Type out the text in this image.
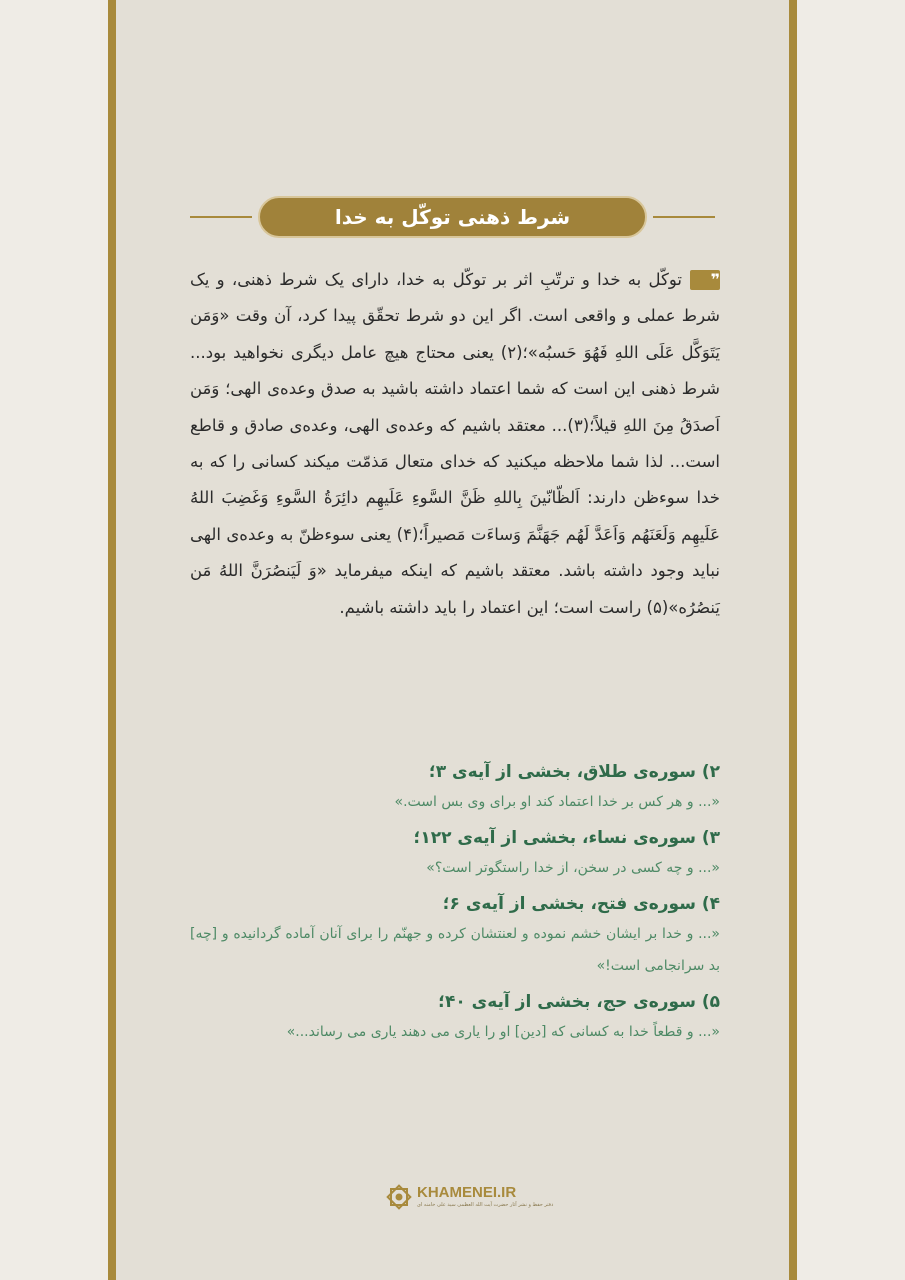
شرط ذهنی توکّل به خدا
❞توکّل به خدا و ترتّبِ اثر بر توکّل به خدا، دارای یک شرط ذهنی، و یک شرط عملی و واقعی است. اگر این دو شرط تحقّق پیدا کرد، آن وقت «وَمَن یَتَوَکَّل عَلَی اللهِ فَهُوَ حَسبُه»؛(۲) یعنی محتاج هیچ عامل دیگری نخواهید بود... شرط ذهنی این است که شما اعتماد داشته باشید به صدق وعده‌ی الهی؛ وَمَن اَصدَقُ مِنَ اللهِ قیلاً؛(۳)... معتقد باشیم که وعده‌ی الهی، وعده‌ی صادق و قاطع است... لذا شما ملاحظه میکنید که خدای متعال مَذمّت میکند کسانی را که به خدا سوءظن دارند: اَلظّانّینَ بِاللهِ ظَنَّ السَّوءِ عَلَیهِم دائِرَةُ السَّوءِ وَغَضِبَ اللهُ عَلَیهِم وَلَعَنَهُم وَاَعَدَّ لَهُم جَهَنَّمَ وَساءَت مَصیراً؛(۴) یعنی سوءظنّ به وعده‌ی الهی نباید وجود داشته باشد. معتقد باشیم که اینکه میفرماید «وَ لَیَنصُرَنَّ اللهُ مَن یَنصُرُه»(۵) راست است؛ این اعتماد را باید داشته باشیم.
۲) سوره‌ی طلاق، بخشی از آیه‌ی ۳؛
«... و هر کس بر خدا اعتماد کند او برای وی بس است.»
۳) سوره‌ی نساء، بخشی از آیه‌ی ۱۲۲؛
«... و چه کسی در سخن، از خدا راستگوتر است؟»
۴) سوره‌ی فتح، بخشی از آیه‌ی ۶؛
«... و خدا بر ایشان خشم نموده و لعنتشان کرده و جهنّم را برای آنان آماده گردانیده و [چه] بد سرانجامی است!»
۵) سوره‌ی حج، بخشی از آیه‌ی ۴۰؛
«... و قطعاً خدا به کسانی که [دین] او را یاری می دهند یاری می رساند...»
KHAMENEI.IR
دفتر حفظ و نشر آثار حضرت آیت الله العظمی سید علی خامنه ای
